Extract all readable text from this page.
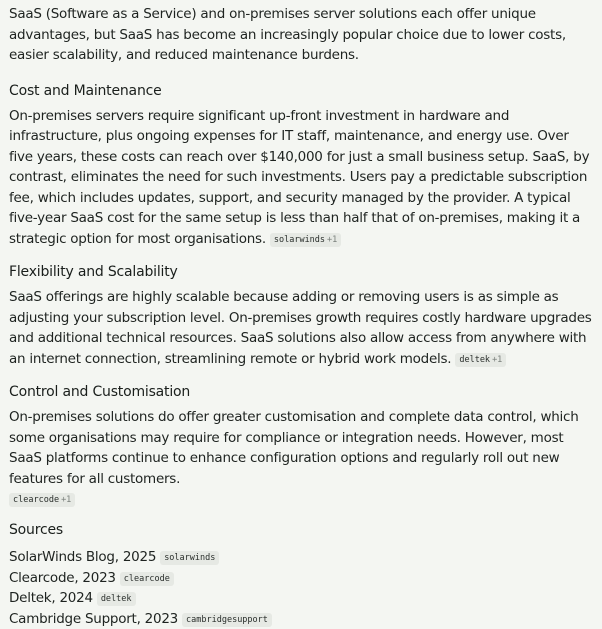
SaaS (Software as a Service) and on-premises server solutions each offer unique advantages, but SaaS has become an increasingly popular choice due to lower costs, easier scalability, and reduced maintenance burdens.

Cost and Maintenance

On-premises servers require significant up-front investment in hardware and infrastructure, plus ongoing expenses for IT staff, maintenance, and energy use. Over five years, these costs can reach over $140,000 for just a small business setup. SaaS, by contrast, eliminates the need for such investments. Users pay a predictable subscription fee, which includes updates, support, and security managed by the provider. A typical five-year SaaS cost for the same setup is less than half that of on-premises, making it a strategic option for most organisations. solarwinds +1

Flexibility and Scalability

SaaS offerings are highly scalable because adding or removing users is as simple as adjusting your subscription level. On-premises growth requires costly hardware upgrades and additional technical resources. SaaS solutions also allow access from anywhere with an internet connection, streamlining remote or hybrid work models. deltek +1

Control and Customisation

On-premises solutions do offer greater customisation and complete data control, which some organisations may require for compliance or integration needs. However, most SaaS platforms continue to enhance configuration options and regularly roll out new features for all customers.

clearcode +1
Sources
SolarWinds Blog, 2025 solarwinds
Clearcode, 2023 clearcode
Deltek, 2024 deltek
Cambridge Support, 2023 cambridgesupport
